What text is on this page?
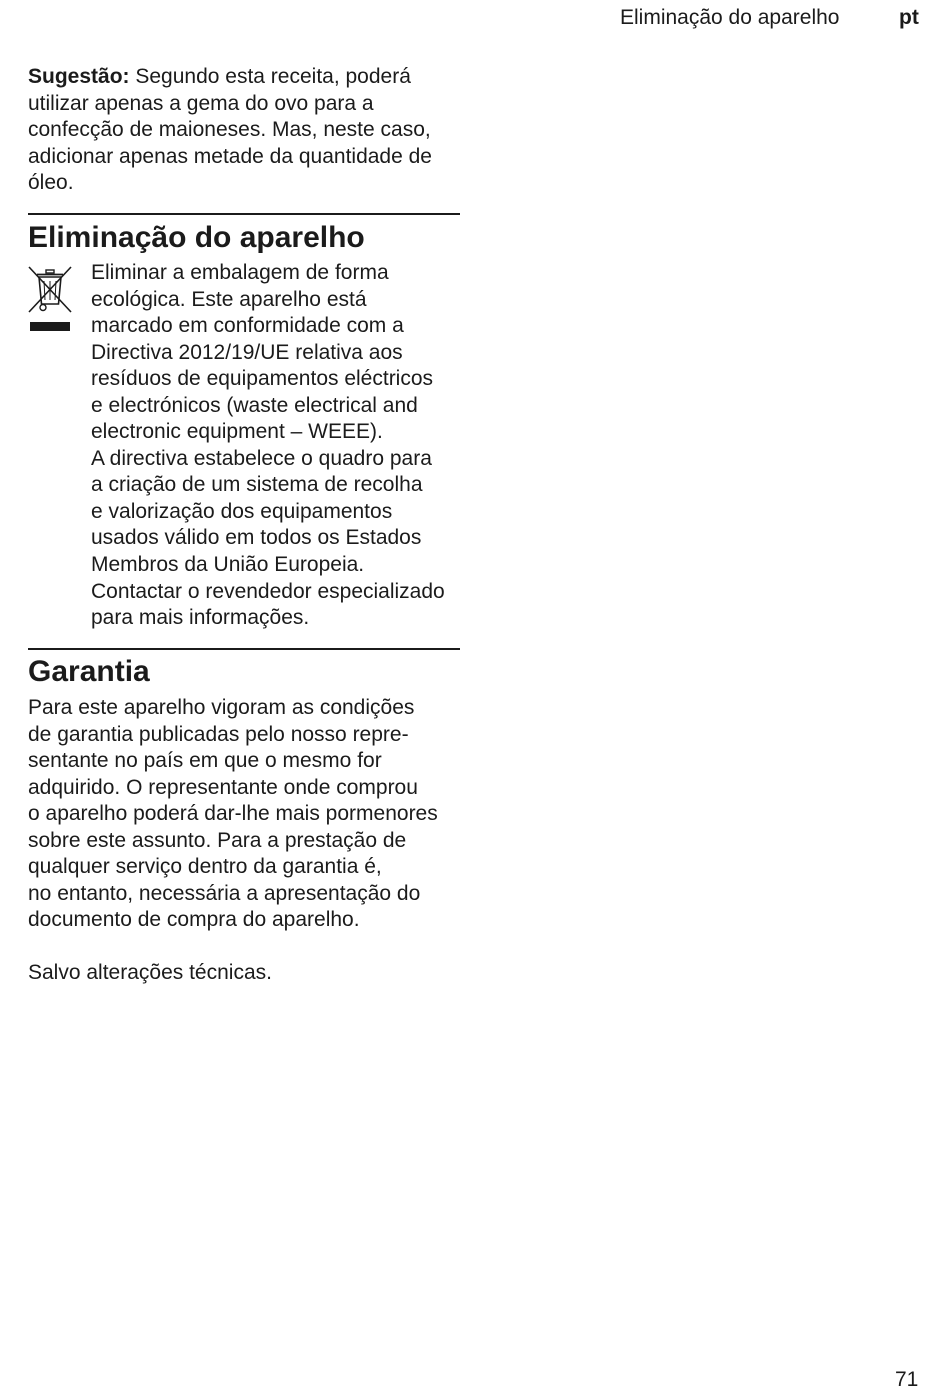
Eliminação do aparelho	pt
Sugestão: Segundo esta receita, poderá
utilizar apenas a gema do ovo para a
confecção de maioneses. Mas, neste caso,
adicionar apenas metade da quantidade de
óleo.
Eliminação do aparelho
Eliminar a embalagem de forma
ecológica. Este aparelho está
marcado em conformidade com a
Directiva 2012/19/UE relativa aos
resíduos de equipamentos eléctricos
e electrónicos (waste electrical and
electronic equipment – WEEE).
A directiva estabelece o quadro para
a criação de um sistema de recolha
e valorização dos equipamentos
usados válido em todos os Estados
Membros da União Europeia.
Contactar o revendedor especializado
para mais informações.
Garantia
Para este aparelho vigoram as condições
de garantia publicadas pelo nosso repre-
sentante no país em que o mesmo for
adquirido. O representante onde comprou
o aparelho poderá dar-lhe mais pormenores
sobre este assunto. Para a prestação de
qualquer serviço dentro da garantia é,
no entanto, necessária a apresentação do
documento de compra do aparelho.
Salvo alterações técnicas.
71
